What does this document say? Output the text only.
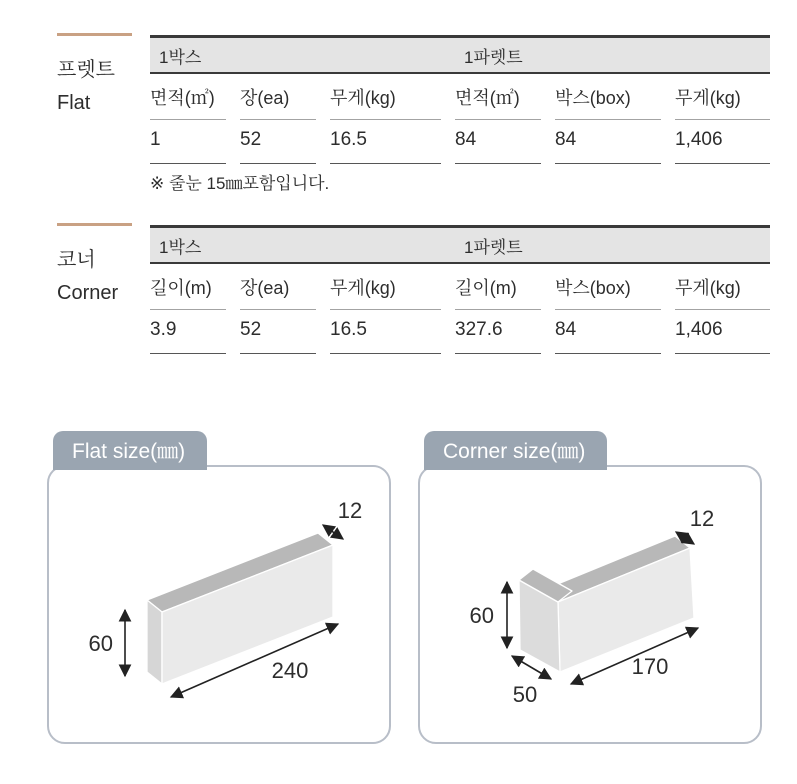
프렛트
Flat
1박스	1파렛트
면적(㎡)	장(ea)	무게(kg)	면적(㎡)	박스(box)	무게(kg)
1	52	16.5	84	84	1,406
※ 줄눈 15㎜포함입니다.
코너
Corner
1박스	1파렛트
길이(m)	장(ea)	무게(kg)	길이(m)	박스(box)	무게(kg)
3.9	52	16.5	327.6	84	1,406
Flat size(㎜)
12
60
240
Corner size(㎜)
12
60
50
170
